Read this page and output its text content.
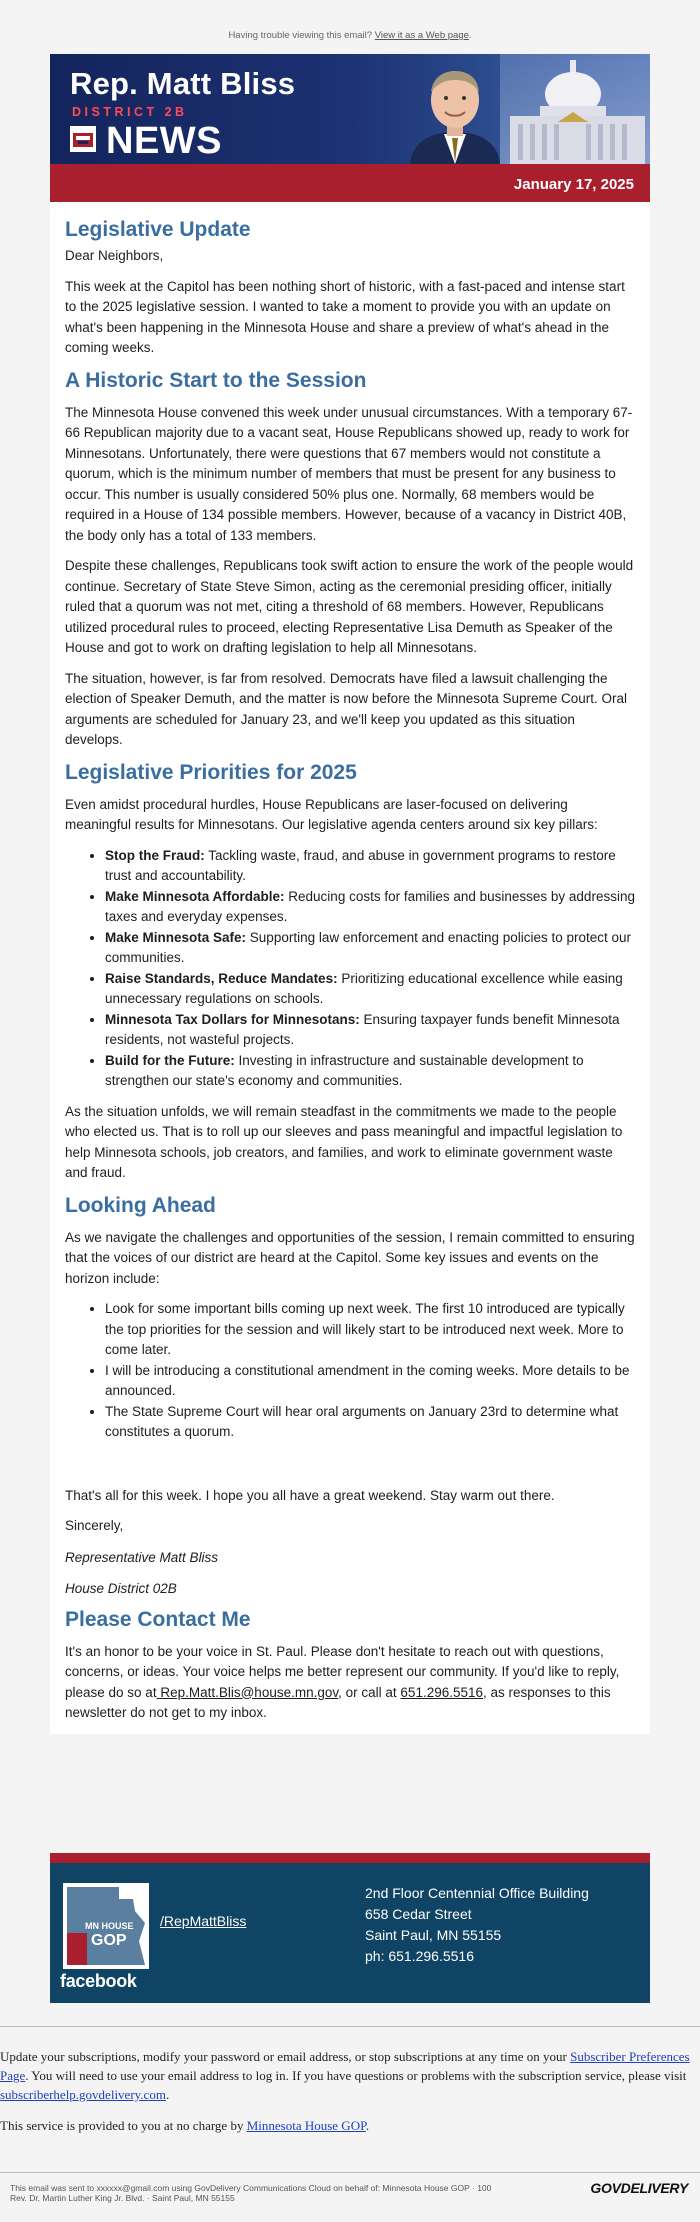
Having trouble viewing this email? View it as a Web page.
Rep. Matt Bliss
DISTRICT 2B
NEWS
January 17, 2025
Legislative Update

Dear Neighbors,

This week at the Capitol has been nothing short of historic, with a fast-paced and intense start to the 2025 legislative session. I wanted to take a moment to provide you with an update on what's been happening in the Minnesota House and share a preview of what's ahead in the coming weeks.

A Historic Start to the Session

The Minnesota House convened this week under unusual circumstances. With a temporary 67-66 Republican majority due to a vacant seat, House Republicans showed up, ready to work for Minnesotans. Unfortunately, there were questions that 67 members would not constitute a quorum, which is the minimum number of members that must be present for any business to occur. This number is usually considered 50% plus one. Normally, 68 members would be required in a House of 134 possible members. However, because of a vacancy in District 40B, the body only has a total of 133 members.

Despite these challenges, Republicans took swift action to ensure the work of the people would continue. Secretary of State Steve Simon, acting as the ceremonial presiding officer, initially ruled that a quorum was not met, citing a threshold of 68 members. However, Republicans utilized procedural rules to proceed, electing Representative Lisa Demuth as Speaker of the House and got to work on drafting legislation to help all Minnesotans.

The situation, however, is far from resolved. Democrats have filed a lawsuit challenging the election of Speaker Demuth, and the matter is now before the Minnesota Supreme Court. Oral arguments are scheduled for January 23, and we'll keep you updated as this situation develops.

Legislative Priorities for 2025

Even amidst procedural hurdles, House Republicans are laser-focused on delivering meaningful results for Minnesotans. Our legislative agenda centers around six key pillars:

• Stop the Fraud: Tackling waste, fraud, and abuse in government programs to restore trust and accountability.
• Make Minnesota Affordable: Reducing costs for families and businesses by addressing taxes and everyday expenses.
• Make Minnesota Safe: Supporting law enforcement and enacting policies to protect our communities.
• Raise Standards, Reduce Mandates: Prioritizing educational excellence while easing unnecessary regulations on schools.
• Minnesota Tax Dollars for Minnesotans: Ensuring taxpayer funds benefit Minnesota residents, not wasteful projects.
• Build for the Future: Investing in infrastructure and sustainable development to strengthen our state's economy and communities.

As the situation unfolds, we will remain steadfast in the commitments we made to the people who elected us. That is to roll up our sleeves and pass meaningful and impactful legislation to help Minnesota schools, job creators, and families, and work to eliminate government waste and fraud.

Looking Ahead

As we navigate the challenges and opportunities of the session, I remain committed to ensuring that the voices of our district are heard at the Capitol. Some key issues and events on the horizon include:

• Look for some important bills coming up next week. The first 10 introduced are typically the top priorities for the session and will likely start to be introduced next week. More to come later.
• I will be introducing a constitutional amendment in the coming weeks. More details to be announced.
• The State Supreme Court will hear oral arguments on January 23rd to determine what constitutes a quorum.

That's all for this week. I hope you all have a great weekend. Stay warm out there.

Sincerely,

Representative Matt Bliss

House District 02B

Please Contact Me

It's an honor to be your voice in St. Paul. Please don't hesitate to reach out with questions, concerns, or ideas. Your voice helps me better represent our community. If you'd like to reply, please do so at Rep.Matt.Blis@house.mn.gov, or call at 651.296.5516, as responses to this newsletter do not get to my inbox.

MN HOUSE
GOP
/RepMattBliss
facebook
2nd Floor Centennial Office Building
658 Cedar Street
Saint Paul, MN 55155
ph: 651.296.5516

Update your subscriptions, modify your password or email address, or stop subscriptions at any time on your Subscriber Preferences Page. You will need to use your email address to log in. If you have questions or problems with the subscription service, please visit subscriberhelp.govdelivery.com.

This service is provided to you at no charge by Minnesota House GOP.

This email was sent to xxxxxx@gmail.com using GovDelivery Communications Cloud on behalf of: Minnesota House GOP · 100
Rev. Dr. Martin Luther King Jr. Blvd. · Saint Paul, MN 55155
GOVDELIVERY
